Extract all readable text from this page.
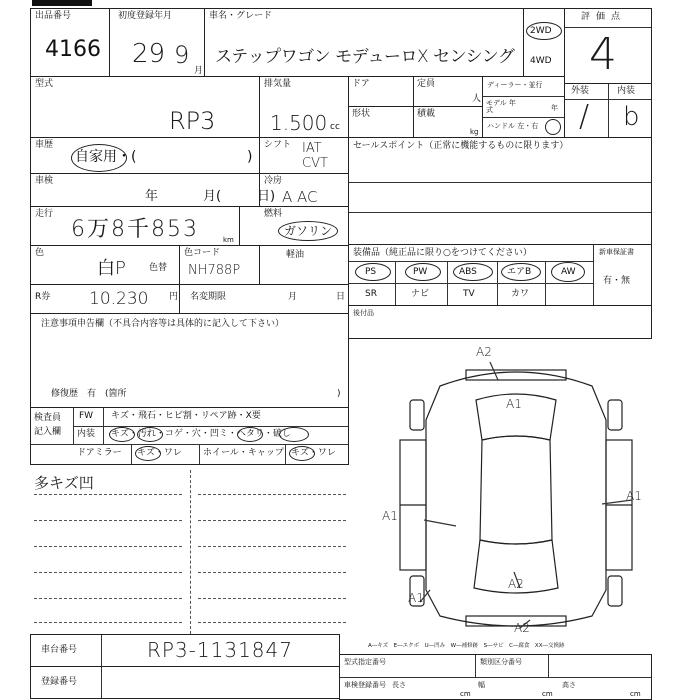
出品番号
4166
初度登録年月
29 9
月
車名・グレード
ステップワゴン モデューロX センシング
2WD
4WD
評価点
4
型式
RP3
排気量
1.500 cc
ドア	定員
人
形状	積載
kg
ディーラー・並行
モデル 年式	年
ハンドル 左・右
外装	内装
/ b
車歴
自家用・(	)
シフト IAT CVT
車検
年	月(	日)
冷房
A AC
走行
6万8千853	km
燃料
ガソリン
色
白P	色替
色コード
NH788P
軽油
R券 10.230 円 名変期限	月	日
セールスポイント（正常に機能するものに限ります）
装備品（純正品に限り○をつけてください）	新車保証書
有・無
PS	PW	ABS	エアB	AW
SR	ナビ	TV	カワ
後付品
注意事項申告欄（不具合内容等は具体的に記入して下さい）
修復歴　有　(箇所	)
検査員
記入欄
FW キズ・飛石・ヒビ割・リペア跡・X要
内装 キズ・汚れ・コゲ・穴・凹ミ・ヘタリ・破し
ドアミラー キズ・ワレ ホイール・キャップ キズ・ワレ
多キズ凹
A2
A1
A1
A1
A1
A2
A2
A―キズ　E―エクボ　U―凹み　W―補修跡　S―サビ　C―腐食　XX―交換跡
車台番号	RP3-1131847
登録番号
型式指定番号	類別区分番号
車検登録番号 長さ
cm
幅
cm
高さ
cm
